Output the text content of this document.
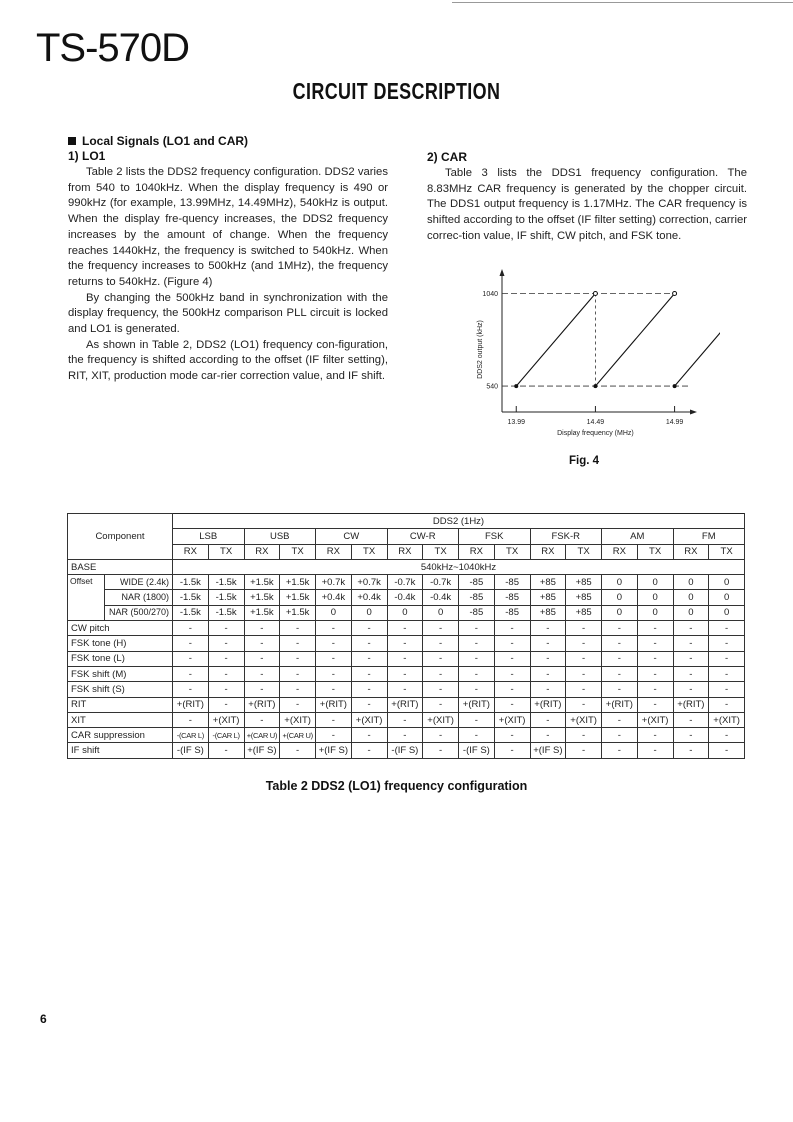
TS-570D
CIRCUIT DESCRIPTION
Local Signals (LO1 and CAR)
1) LO1

Table 2 lists the DDS2 frequency configuration. DDS2 varies from 540 to 1040kHz. When the display frequency is 490 or 990kHz (for example, 13.99MHz, 14.49MHz), 540kHz is output. When the display fre-quency increases, the DDS2 frequency increases by the amount of change. When the frequency reaches 1440kHz, the frequency is switched to 540kHz. When the frequency increases to 500kHz (and 1MHz), the frequency returns to 540kHz. (Figure 4)

By changing the 500kHz band in synchronization with the display frequency, the 500kHz comparison PLL circuit is locked and LO1 is generated.

As shown in Table 2, DDS2 (LO1) frequency con-figuration, the frequency is shifted according to the offset (IF filter setting), RIT, XIT, production mode car-rier correction value, and IF shift.

2) CAR

Table 3 lists the DDS1 frequency configuration. The 8.83MHz CAR frequency is generated by the chopper circuit. The DDS1 output frequency is 1.17MHz. The CAR frequency is shifted according to the offset (IF filter setting) correction, carrier correc-tion value, IF shift, CW pitch, and FSK tone.

13.99	14.49	14.99
540
1040
Display frequency (MHz)
DDS2 output (kHz)
Fig. 4
Component		DDS2 (1Hz)															
		LSB		USB		CW		CW-R		FSK		FSK-R		AM		FM	
		RX	TX	RX	TX	RX	TX	RX	TX	RX	TX	RX	TX	RX	TX	RX	TX
BASE		540kHz~1040kHz															
Offset	WIDE (2.4k)	-1.5k	-1.5k	+1.5k	+1.5k	+0.7k	+0.7k	-0.7k	-0.7k	-85	-85	+85	+85	0	0	0	0
	NAR (1800)	-1.5k	-1.5k	+1.5k	+1.5k	+0.4k	+0.4k	-0.4k	-0.4k	-85	-85	+85	+85	0	0	0	0
	NAR (500/270)	-1.5k	-1.5k	+1.5k	+1.5k	0	0	0	0	-85	-85	+85	+85	0	0	0	0
CW pitch		-	-	-	-	-	-	-	-	-	-	-	-	-	-	-	-
FSK tone (H)		-	-	-	-	-	-	-	-	-	-	-	-	-	-	-	-
FSK tone (L)		-	-	-	-	-	-	-	-	-	-	-	-	-	-	-	-
FSK shift (M)		-	-	-	-	-	-	-	-	-	-	-	-	-	-	-	-
FSK shift (S)		-	-	-	-	-	-	-	-	-	-	-	-	-	-	-	-
RIT		+(RIT)	-	+(RIT)	-	+(RIT)	-	+(RIT)	-	+(RIT)	-	+(RIT)	-	+(RIT)	-	+(RIT)	-
XIT		-	+(XIT)	-	+(XIT)	-	+(XIT)	-	+(XIT)	-	+(XIT)	-	+(XIT)	-	+(XIT)	-	+(XIT)
CAR suppression		-(CAR L)	-(CAR L)	+(CAR U)	+(CAR U)	-	-	-	-	-	-	-	-	-	-	-	-
IF shift		-(IF S)	-	+(IF S)	-	+(IF S)	-	-(IF S)	-	-(IF S)	-	+(IF S)	-	-	-	-	-
Table 2 DDS2 (LO1) frequency configuration
6
